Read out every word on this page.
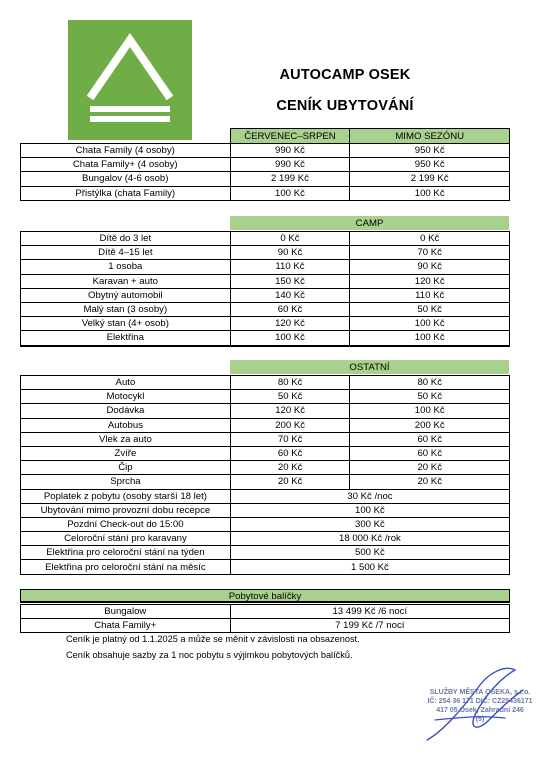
AUTOCAMP OSEK
CENÍK UBYTOVÁNÍ
	ČERVENEC–SRPEN	MIMO SEZÓNU
Chata Family (4 osoby)	990 Kč	950 Kč
Chata Family+ (4 osoby)	990 Kč	950 Kč
Bungalov (4-6 osob)	2 199 Kč	2 199 Kč
Přistýlka (chata Family)	100 Kč	100 Kč
CAMP
Dítě do 3 let	0 Kč	0 Kč
Dítě 4–15 let	90 Kč	70 Kč
1 osoba	110 Kč	90 Kč
Karavan + auto	150 Kč	120 Kč
Obytný automobil	140 Kč	110 Kč
Malý stan (3 osoby)	60 Kč	50 Kč
Velký stan (4+ osob)	120 Kč	100 Kč
Elektřina	100 Kč	100 Kč
OSTATNÍ
Auto	80 Kč	80 Kč
Motocykl	50 Kč	50 Kč
Dodávka	120 Kč	100 Kč
Autobus	200 Kč	200 Kč
Vlek za auto	70 Kč	60 Kč
Zvíře	60 Kč	60 Kč
Čip	20 Kč	20 Kč
Sprcha	20 Kč	20 Kč
Poplatek z pobytu (osoby starší 18 let)	30 Kč /noc	
Ubytování mimo provozní dobu recepce	100 Kč	
Pozdní Check-out do 15:00	300 Kč	
Celoroční stání pro karavany	18 000 Kč /rok	
Elektřina pro celoroční stání na týden	500 Kč	
Elektřina pro celoroční stání na měsíc	1 500 Kč	
Pobytové balíčky
Bungalow	13 499 Kč /6 nocí
Chata Family+	7 199 Kč /7 nocí
Ceník je platný od 1.1.2025 a může se měnit v závislosti na obsazenost.
Ceník obsahuje sazby za 1 noc pobytu s výjimkou pobytových balíčků.
SLUŽBY MĚSTA OSEKA, s.r.o.
IČ: 254 36 171 DIČ: CZ25436171
417 05 Osek, Zahradní 246
(5)
